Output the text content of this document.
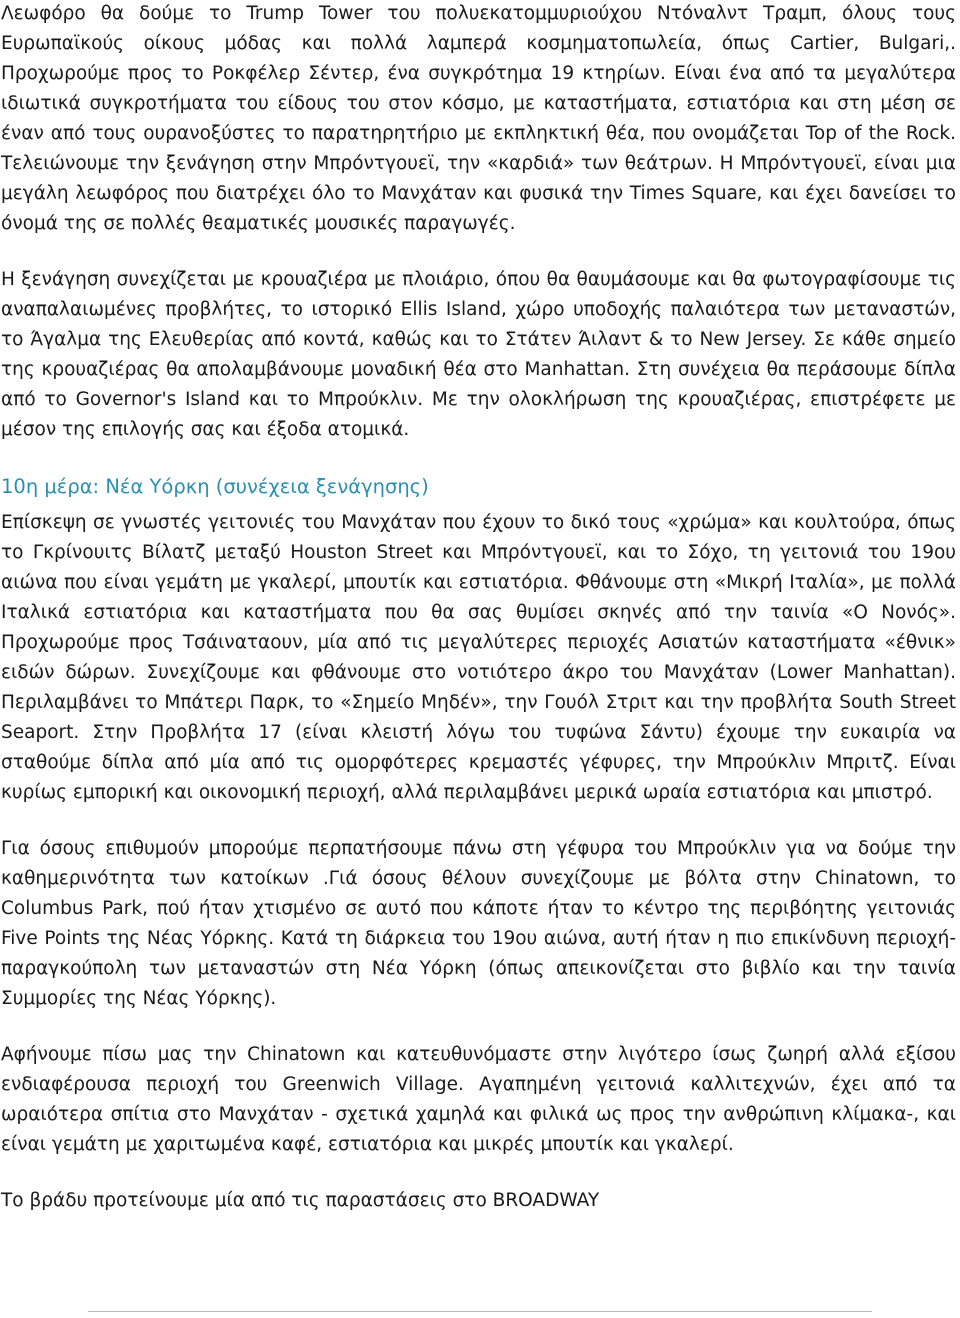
Λεωφόρο θα δούμε το Trump Tower του πολυεκατομμυριούχου Ντόναλντ Τραμπ, όλους τους Ευρωπαϊκούς οίκους μόδας και πολλά λαμπερά κοσμηματοπωλεία, όπως Cartier, Bulgari,. Προχωρούμε προς το Ροκφέλερ Σέντερ, ένα συγκρότημα 19 κτηρίων. Είναι ένα από τα μεγαλύτερα ιδιωτικά συγκροτήματα του είδους του στον κόσμο, με καταστήματα, εστιατόρια και στη μέση σε έναν από τους ουρανοξύστες το παρατηρητήριο με εκπληκτική θέα, που ονομάζεται Top of the Rock. Τελειώνουμε την ξενάγηση στην Μπρόντγουεϊ, την «καρδιά» των θεάτρων. Η Μπρόντγουεϊ, είναι μια μεγάλη λεωφόρος που διατρέχει όλο το Μανχάταν και φυσικά την Times Square, και έχει δανείσει το όνομά της σε πολλές θεαματικές μουσικές παραγωγές.

Η ξενάγηση συνεχίζεται με κρουαζιέρα με πλοιάριο, όπου θα θαυμάσουμε και θα φωτογραφίσουμε τις αναπαλαιωμένες προβλήτες, το ιστορικό Ellis Island, χώρο υποδοχής παλαιότερα των μεταναστών, το Άγαλμα της Ελευθερίας από κοντά, καθώς και το Στάτεν Άιλαντ & το New Jersey. Σε κάθε σημείο της κρουαζιέρας θα απολαμβάνουμε μοναδική θέα στο Manhattan. Στη συνέχεια θα περάσουμε δίπλα από το Governor's Island και το Μπρούκλιν. Με την ολοκλήρωση της κρουαζιέρας, επιστρέφετε με μέσον της επιλογής σας και έξοδα ατομικά.

10η μέρα: Νέα Υόρκη (συνέχεια ξενάγησης)

Επίσκεψη σε γνωστές γειτονιές του Μανχάταν που έχουν το δικό τους «χρώμα» και κουλτούρα, όπως το Γκρίνουιτς Βίλατζ μεταξύ Houston Street και Μπρόντγουεϊ, και το Σόχο, τη γειτονιά του 19ου αιώνα που είναι γεμάτη με γκαλερί, μπουτίκ και εστιατόρια. Φθάνουμε στη «Μικρή Ιταλία», με πολλά Ιταλικά εστιατόρια και καταστήματα που θα σας θυμίσει σκηνές από την ταινία «Ο Νονός». Προχωρούμε προς Τσάιναταουν, μία από τις μεγαλύτερες περιοχές Ασιατών καταστήματα «έθνικ» ειδών δώρων. Συνεχίζουμε και φθάνουμε στο νοτιότερο άκρο του Μανχάταν (Lower Manhattan). Περιλαμβάνει το Μπάτερι Παρκ, το «Σημείο Μηδέν», την Γουόλ Στριτ και την προβλήτα South Street Seaport. Στην Προβλήτα 17 (είναι κλειστή λόγω του τυφώνα Σάντυ) έχουμε την ευκαιρία να σταθούμε δίπλα από μία από τις ομορφότερες κρεμαστές γέφυρες, την Μπρούκλιν Μπριτζ. Είναι κυρίως εμπορική και οικονομική περιοχή, αλλά περιλαμβάνει μερικά ωραία εστιατόρια και μπιστρό.

Για όσους επιθυμούν μπορούμε περπατήσουμε πάνω στη γέφυρα του Μπρούκλιν για να δούμε την καθημερινότητα των κατοίκων .Γιά όσους θέλουν συνεχίζουμε με βόλτα στην Chinatown, το Columbus Park, πού ήταν χτισμένο σε αυτό που κάποτε ήταν το κέντρο της περιβόητης γειτονιάς Five Points της Νέας Υόρκης. Κατά τη διάρκεια του 19ου αιώνα, αυτή ήταν η πιο επικίνδυνη περιοχή-παραγκούπολη των μεταναστών στη Νέα Υόρκη (όπως απεικονίζεται στο βιβλίο και την ταινία Συμμορίες της Νέας Υόρκης).

Αφήνουμε πίσω μας την Chinatown και κατευθυνόμαστε στην λιγότερο ίσως ζωηρή αλλά εξίσου ενδιαφέρουσα περιοχή του Greenwich Village. Αγαπημένη γειτονιά καλλιτεχνών, έχει από τα ωραιότερα σπίτια στο Μανχάταν - σχετικά χαμηλά και φιλικά ως προς την ανθρώπινη κλίμακα-, και είναι γεμάτη με χαριτωμένα καφέ, εστιατόρια και μικρές μπουτίκ και γκαλερί.

Το βράδυ προτείνουμε μία από τις παραστάσεις στο BROADWAY
